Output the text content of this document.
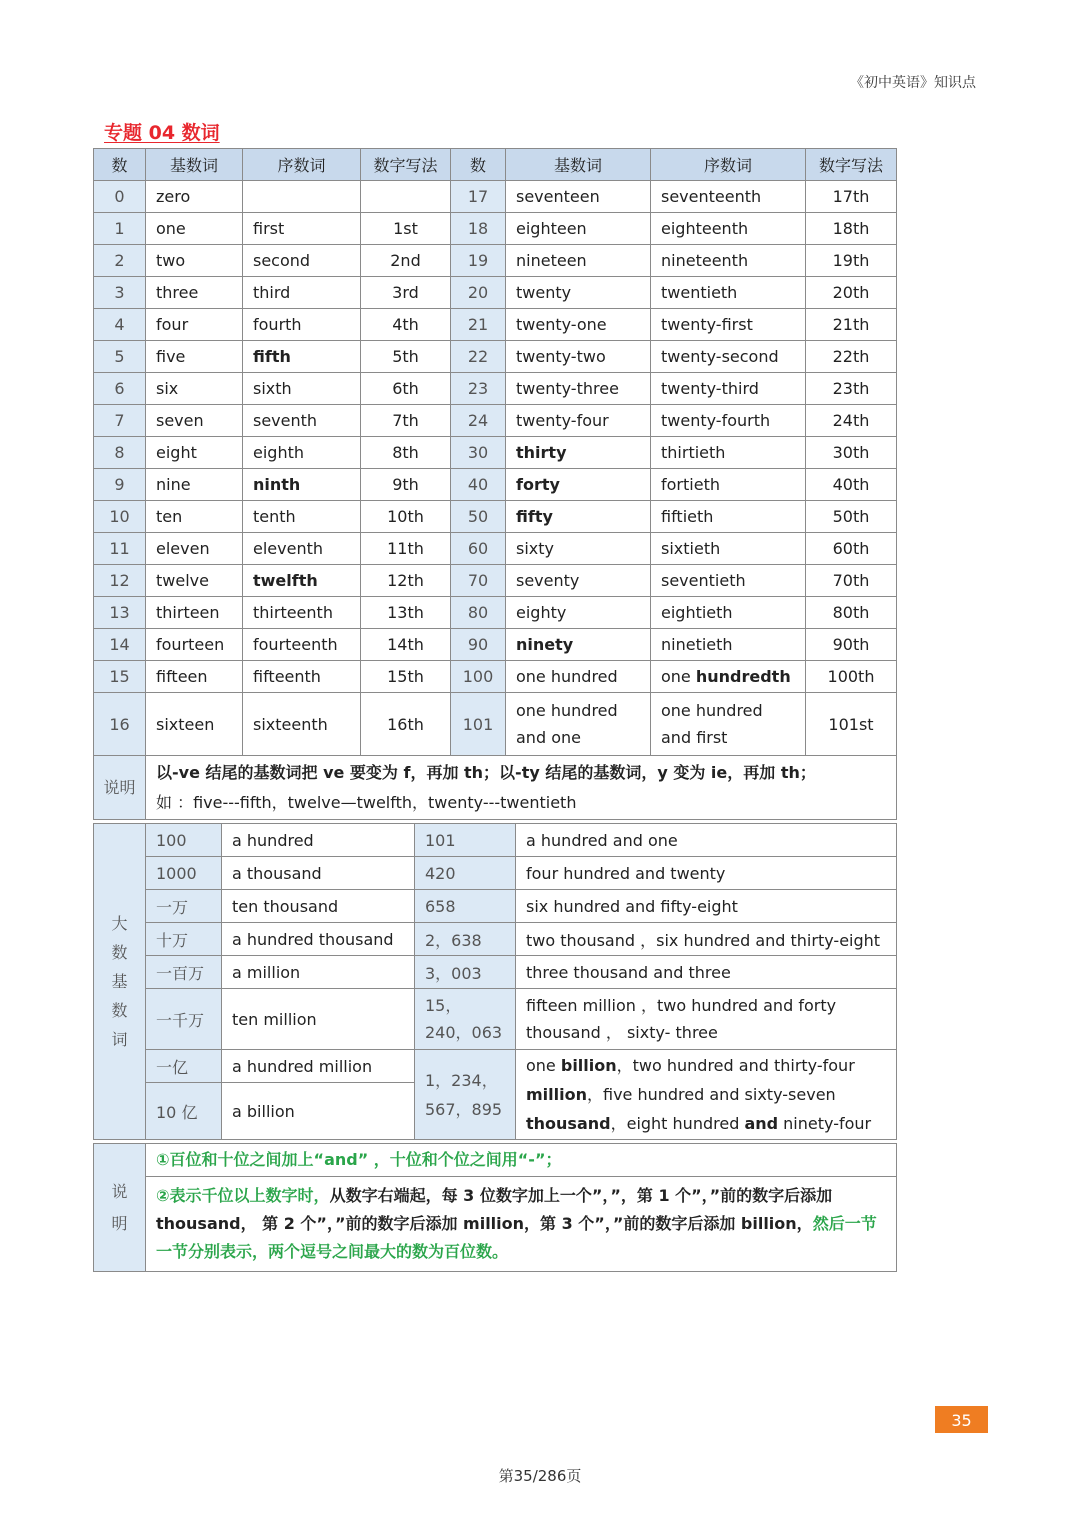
《初中英语》知识点
专题 04 数词
数	基数词	序数词	数字写法	数	基数词	序数词	数字写法
0	zero			17	seventeen	seventeenth	17th
1	one	first	1st	18	eighteen	eighteenth	18th
2	two	second	2nd	19	nineteen	nineteenth	19th
3	three	third	3rd	20	twenty	twentieth	20th
4	four	fourth	4th	21	twenty-one	twenty-first	21th
5	five	fifth	5th	22	twenty-two	twenty-second	22th
6	six	sixth	6th	23	twenty-three	twenty-third	23th
7	seven	seventh	7th	24	twenty-four	twenty-fourth	24th
8	eight	eighth	8th	30	thirty	thirtieth	30th
9	nine	ninth	9th	40	forty	fortieth	40th
10	ten	tenth	10th	50	fifty	fiftieth	50th
11	eleven	eleventh	11th	60	sixty	sixtieth	60th
12	twelve	twelfth	12th	70	seventy	seventieth	70th
13	thirteen	thirteenth	13th	80	eighty	eightieth	80th
14	fourteen	fourteenth	14th	90	ninety	ninetieth	90th
15	fifteen	fifteenth	15th	100	one hundred	one hundredth	100th
16	sixteen	sixteenth	16th	101	one hundred and one	one hundred and first	101st
说明	以-ve 结尾的基数词把 ve 要变为 f，再加 th；以-ty 结尾的基数词，y 变为 ie，再加 th；
如 ：five---fifth，twelve—twelfth，twenty---twentieth						
大数基数词	100	a hundred	101	a hundred and one
	1000	a thousand	420	four hundred and twenty
	一万	ten thousand	658	six hundred and fifty-eight
	十万	a hundred thousand	2，638	two thousand ，six hundred and thirty-eight
	一百万	a million	3，003	three thousand and three
	一千万	ten million	15，240，063	fifteen million ，two hundred and forty thousand ， sixty- three
	一亿	a hundred million	1，234，567，895	one billion，two hundred and thirty-four million，five hundred and sixty-seven thousand，eight hundred and ninety-four
	10 亿	a billion		
说明
	①百位和十位之间加上“and” ，十位和个位之间用“-”；
②表示千位以上数字时，从数字右端起，每 3 位数字加上一个”，”，第 1 个”，”前的数字后添加 thousand， 第 2 个”，”前的数字后添加 million，第 3 个”，”前的数字后添加 billion，然后一节一节分别表示，两个逗号之间最大的数为百位数。
35
第35/286页
